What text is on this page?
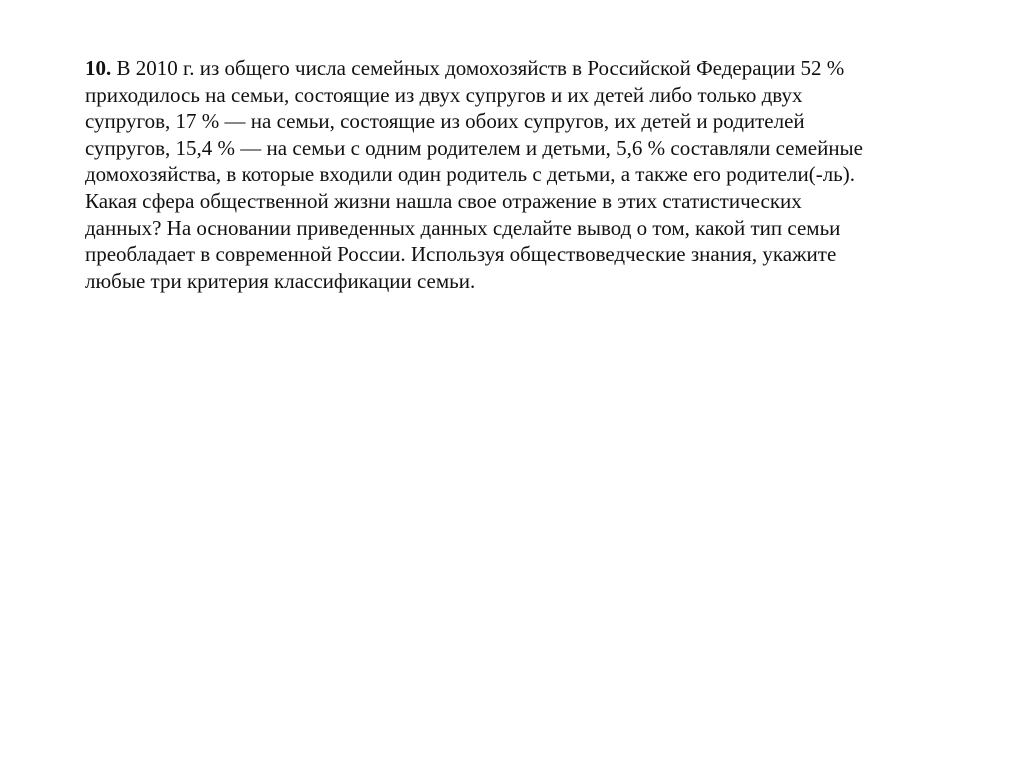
10. В 2010 г. из общего числа семейных домохозяйств в Российской Федерации 52 %
приходилось на семьи, состоящие из двух супругов и их детей либо только двух
супругов, 17 % — на семьи, состоящие из обоих супругов, их детей и родителей
супругов, 15,4 % — на семьи с одним родителем и детьми, 5,6 % составляли семейные
домохозяйства, в которые входили один родитель с детьми, а также его родители(-ль).
Какая сфера общественной жизни нашла свое отражение в этих статистических
данных? На основании приведенных данных сделайте вывод о том, какой тип семьи
преобладает в современной России. Используя обществоведческие знания, укажите
любые три критерия классификации семьи.
